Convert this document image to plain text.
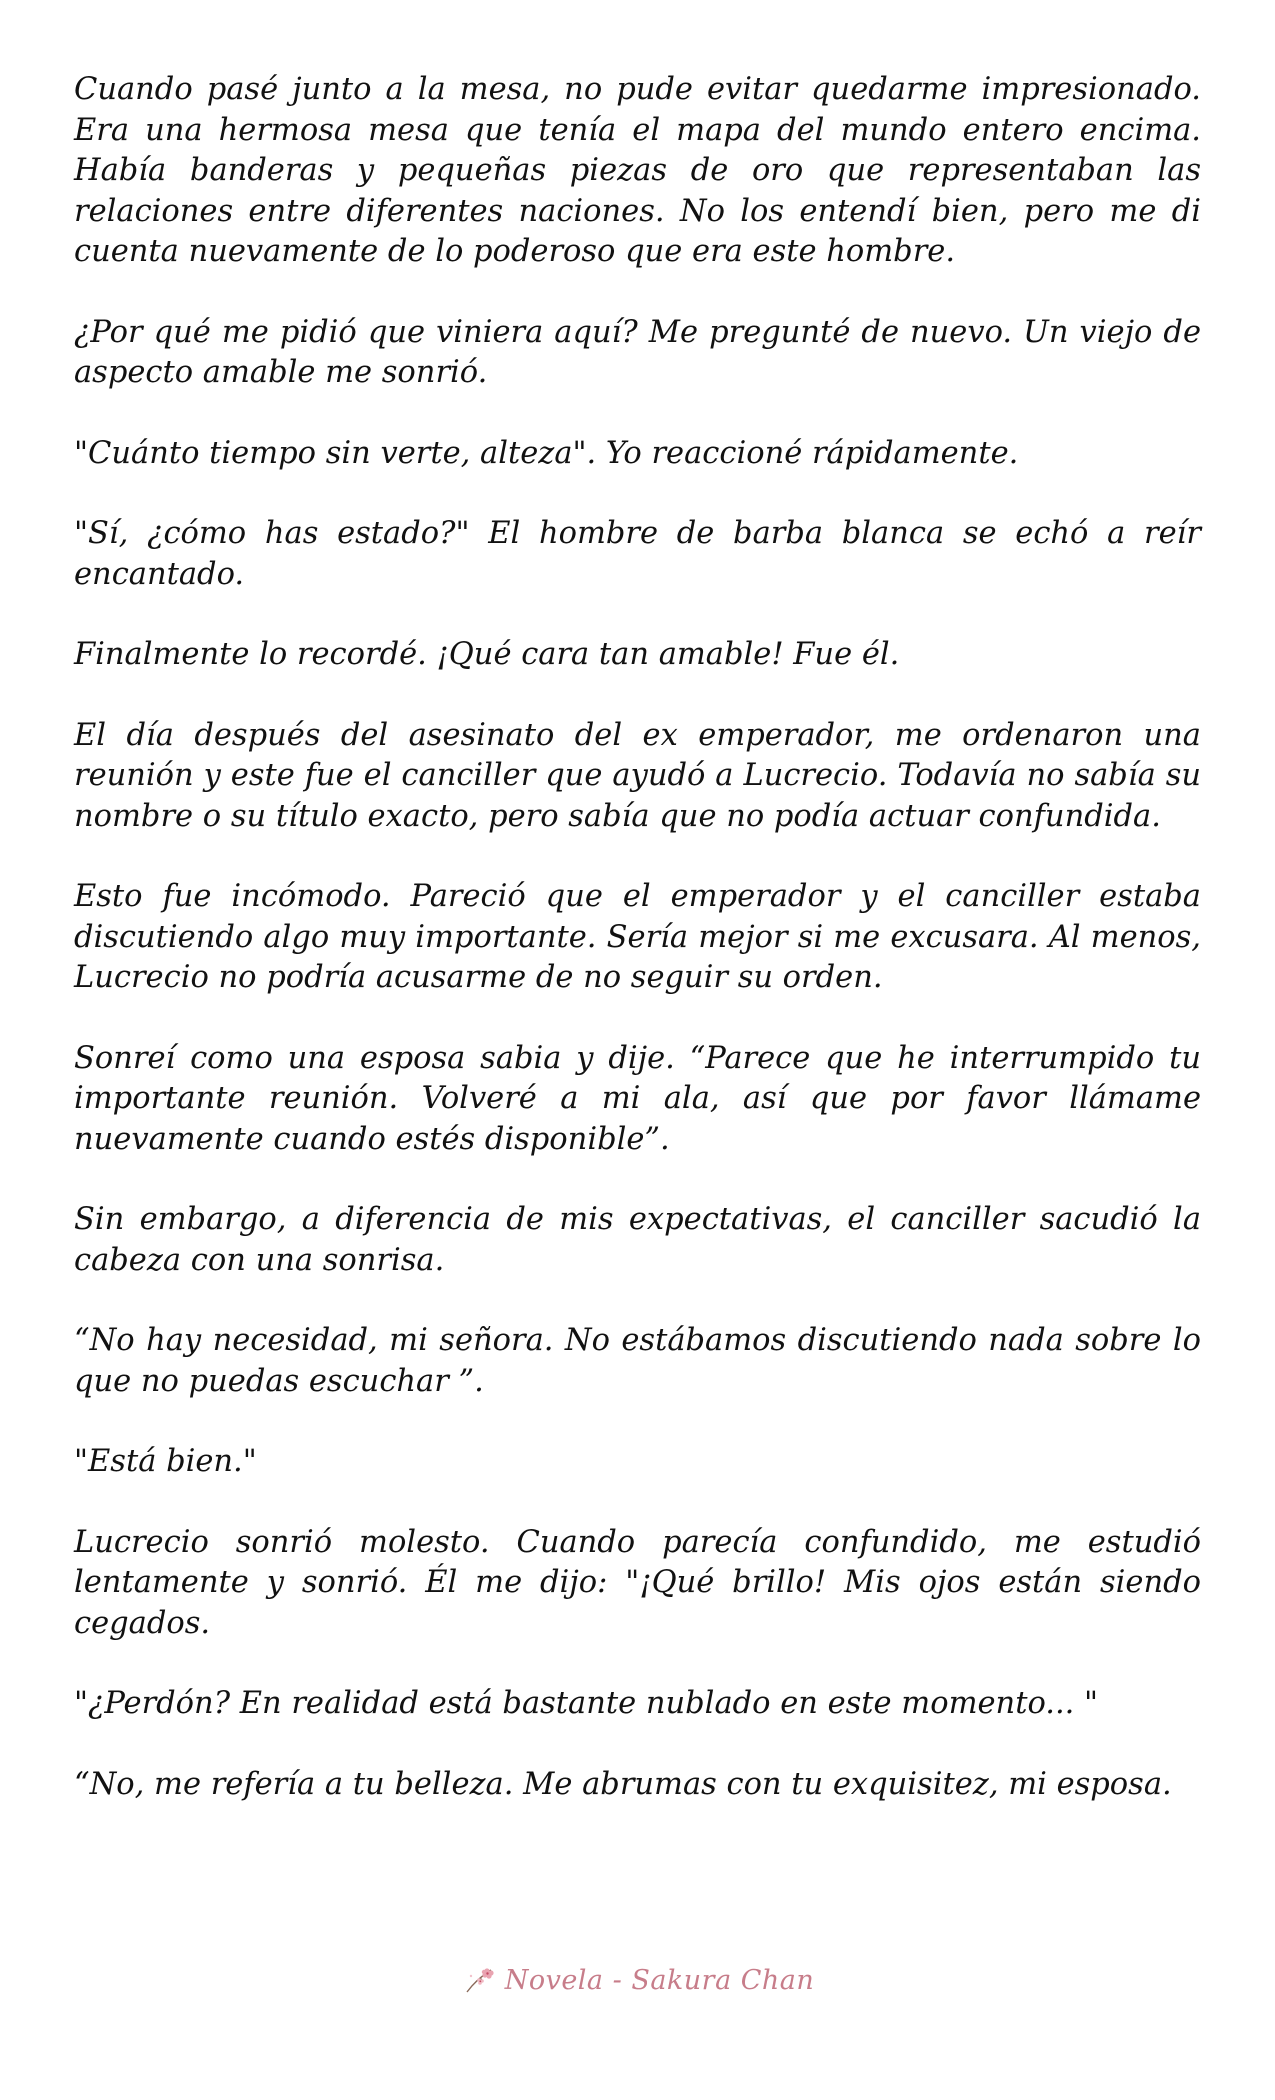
Cuando pasé junto a la mesa, no pude evitar quedarme impresionado. Era una hermosa mesa que tenía el mapa del mundo entero encima. Había banderas y pequeñas piezas de oro que representaban las relaciones entre diferentes naciones. No los entendí bien, pero me di cuenta nuevamente de lo poderoso que era este hombre.

¿Por qué me pidió que viniera aquí? Me pregunté de nuevo. Un viejo de aspecto amable me sonrió.

"Cuánto tiempo sin verte, alteza". Yo reaccioné rápidamente.

"Sí, ¿cómo has estado?" El hombre de barba blanca se echó a reír encantado.

Finalmente lo recordé. ¡Qué cara tan amable! Fue él.

El día después del asesinato del ex emperador, me ordenaron una reunión y este fue el canciller que ayudó a Lucrecio. Todavía no sabía su nombre o su título exacto, pero sabía que no podía actuar confundida.

Esto fue incómodo. Pareció que el emperador y el canciller estaba discutiendo algo muy importante. Sería mejor si me excusara. Al menos, Lucrecio no podría acusarme de no seguir su orden.

Sonreí como una esposa sabia y dije. “Parece que he interrumpido tu importante reunión. Volveré a mi ala, así que por favor llámame nuevamente cuando estés disponible”.

Sin embargo, a diferencia de mis expectativas, el canciller sacudió la cabeza con una sonrisa.

“No hay necesidad, mi señora. No estábamos discutiendo nada sobre lo que no puedas escuchar ”.

"Está bien."

Lucrecio sonrió molesto. Cuando parecía confundido, me estudió lentamente y sonrió. Él me dijo: "¡Qué brillo! Mis ojos están siendo cegados.

"¿Perdón? En realidad está bastante nublado en este momento... "

“No, me refería a tu belleza. Me abrumas con tu exquisitez, mi esposa.

Novela - Sakura Chan
